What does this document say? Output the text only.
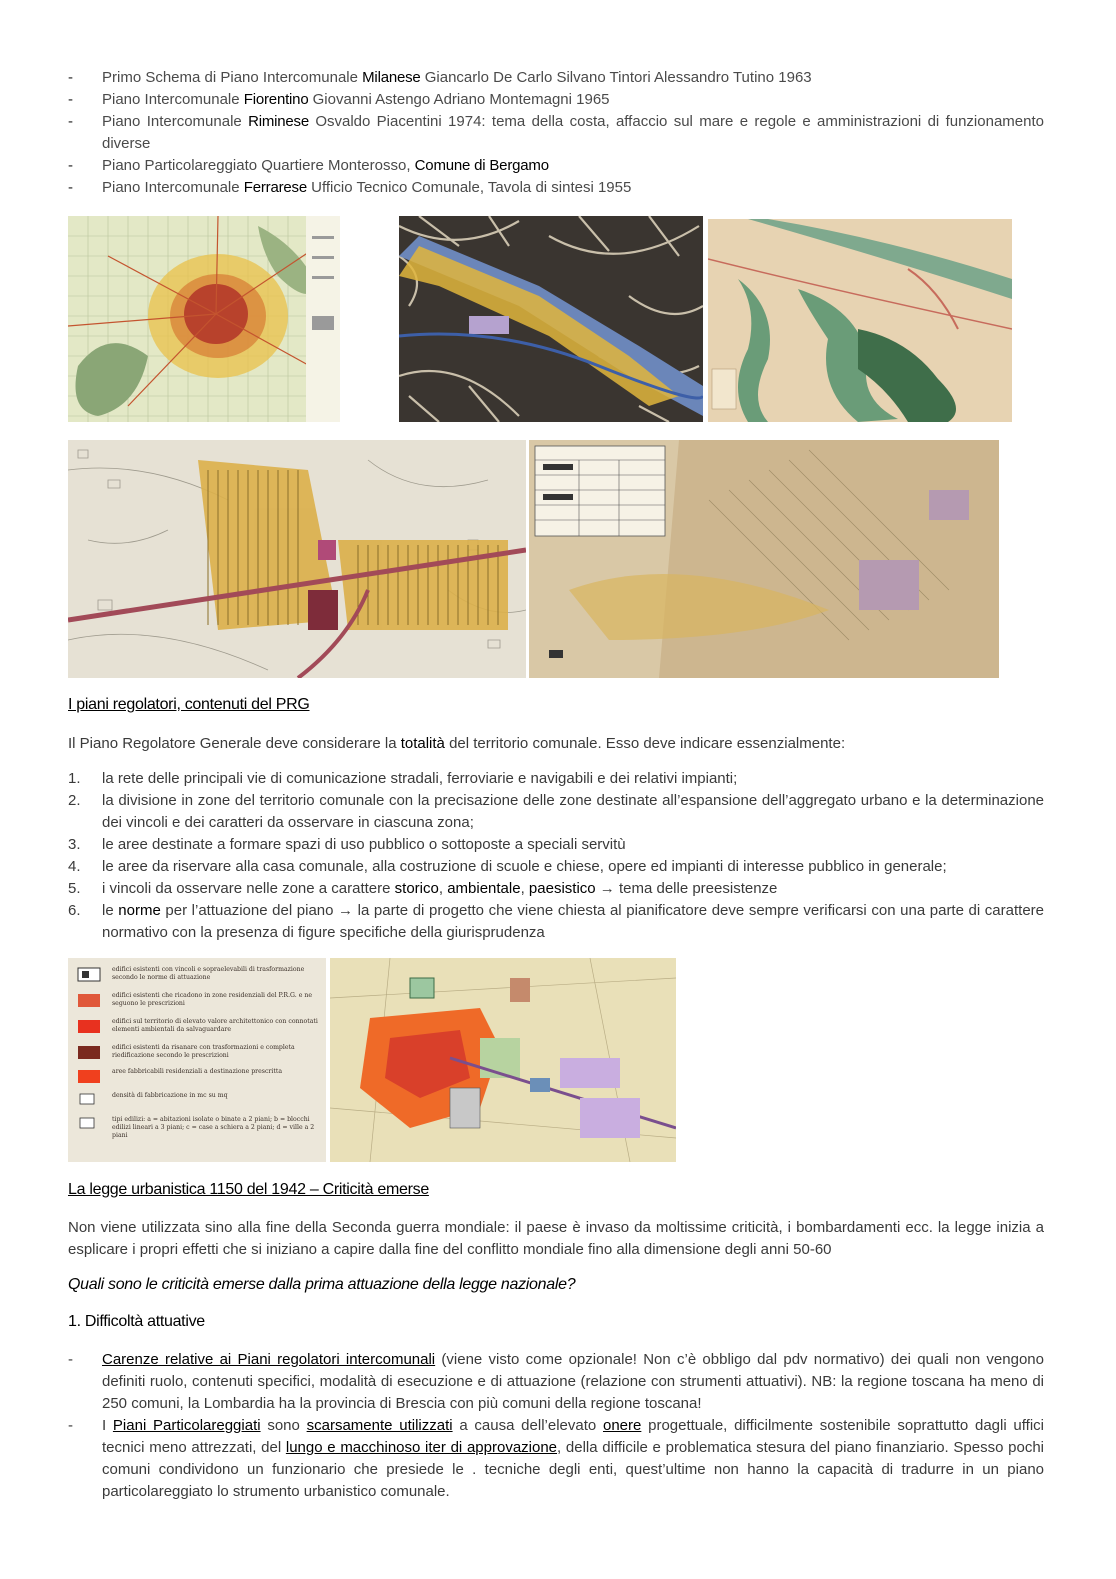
- Primo Schema di Piano Intercomunale Milanese Giancarlo De Carlo Silvano Tintori Alessandro Tutino 1963
- Piano Intercomunale Fiorentino Giovanni Astengo Adriano Montemagni 1965
- Piano Intercomunale Riminese Osvaldo Piacentini 1974: tema della costa, affaccio sul mare e regole e amministrazioni di funzionamento diverse
- Piano Particolareggiato Quartiere Monterosso, Comune di Bergamo
- Piano Intercomunale Ferrarese Ufficio Tecnico Comunale, Tavola di sintesi 1955
I piani regolatori, contenuti del PRG
Il Piano Regolatore Generale deve considerare la totalità del territorio comunale. Esso deve indicare essenzialmente:
1. la rete delle principali vie di comunicazione stradali, ferroviarie e navigabili e dei relativi impianti;
2. la divisione in zone del territorio comunale con la precisazione delle zone destinate all’espansione dell’aggregato urbano e la determinazione dei vincoli e dei caratteri da osservare in ciascuna zona;
3. le aree destinate a formare spazi di uso pubblico o sottoposte a speciali servitù
4. le aree da riservare alla casa comunale, alla costruzione di scuole e chiese, opere ed impianti di interesse pubblico in generale;
5. i vincoli da osservare nelle zone a carattere storico, ambientale, paesistico → tema delle preesistenze
6. le norme per l’attuazione del piano → la parte di progetto che viene chiesta al pianificatore deve sempre verificarsi con una parte di carattere normativo con la presenza di figure specifiche della giurisprudenza
edifici esistenti con vincoli e sopraelevabili di trasformazione secondo le norme di attuazione
edifici esistenti che ricadono in zone residenziali del P.R.G. e ne seguono le prescrizioni
edifici sul territorio di elevato valore architettonico con connotati elementi ambientali da salvaguardare
edifici esistenti da risanare con trasformazioni e completa riedificazione secondo le prescrizioni
aree fabbricabili residenziali a destinazione prescritta
densità di fabbricazione in mc su mq
tipi edilizi: a = abitazioni isolate o binate a 2 piani; b = blocchi edilizi lineari a 3 piani; c = case a schiera a 2 piani; d = ville a 2 piani
La legge urbanistica 1150 del 1942 – Criticità emerse
Non viene utilizzata sino alla fine della Seconda guerra mondiale: il paese è invaso da moltissime criticità, i bombardamenti ecc. la legge inizia a esplicare i propri effetti che si iniziano a capire dalla fine del conflitto mondiale fino alla dimensione degli anni 50-60
Quali sono le criticità emerse dalla prima attuazione della legge nazionale?
1. Difficoltà attuative
- Carenze relative ai Piani regolatori intercomunali (viene visto come opzionale! Non c’è obbligo dal pdv normativo) dei quali non vengono definiti ruolo, contenuti specifici, modalità di esecuzione e di attuazione (relazione con strumenti attuativi). NB: la regione toscana ha meno di 250 comuni, la Lombardia ha la provincia di Brescia con più comuni della regione toscana!
- I Piani Particolareggiati sono scarsamente utilizzati a causa dell’elevato onere progettuale, difficilmente sostenibile soprattutto dagli uffici tecnici meno attrezzati, del lungo e macchinoso iter di approvazione, della difficile e problematica stesura del piano finanziario. Spesso pochi comuni condividono un funzionario che presiede le . tecniche degli enti, quest’ultime non hanno la capacità di tradurre in un piano particolareggiato lo strumento urbanistico comunale.
